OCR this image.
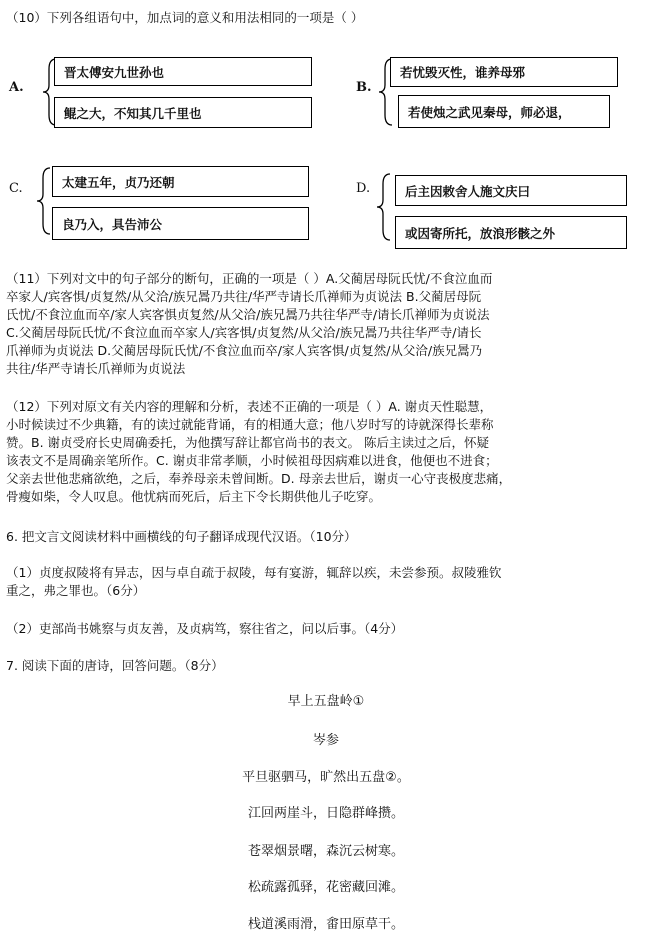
（10）下列各组语句中，加点词的意义和用法相同的一项是（ ）
A.
晋太傅安九世孙也
鲲之大，不知其几千里也
B.
若忧毁灭性，谁养母邪
若使烛之武见秦母，师必退，
C.	太建五年，贞乃还朝
良乃入，具告沛公
D.	后主因敕舍人施文庆曰
或因寄所托，放浪形骸之外
（11）下列对文中的句子部分的断句，正确的一项是（ ）A.父蔺居母阮氏忧/不食泣血而
卒家人/宾客惧/贞复然/从父洽/族兄暠乃共往/华严寺请长爪禅师为贞说法 B.父蔺居母阮
氏忧/不食泣血而卒/家人宾客惧贞复然/从父洽/族兄暠乃共往华严寺/请长爪禅师为贞说法
C.父蔺居母阮氏忧/不食泣血而卒家人/宾客惧/贞复然/从父洽/族兄暠乃共往华严寺/请长
爪禅师为贞说法 D.父蔺居母阮氏忧/不食泣血而卒/家人宾客惧/贞复然/从父洽/族兄暠乃
共往/华严寺请长爪禅师为贞说法
（12）下列对原文有关内容的理解和分析，表述不正确的一项是（ ）A. 谢贞天性聪慧，
小时候读过不少典籍，有的读过就能背诵，有的相通大意；他八岁时写的诗就深得长辈称
赞。B. 谢贞受府长史周确委托，为他撰写辞让都官尚书的表文。 陈后主读过之后，怀疑
该表文不是周确亲笔所作。C. 谢贞非常孝顺，小时候祖母因病难以进食，他便也不进食；
父亲去世他悲痛欲绝，之后，奉养母亲未曾间断。D. 母亲去世后，谢贞一心守丧极度悲痛，
骨瘦如柴，令人叹息。他忧病而死后，后主下令长期供他儿子吃穿。
6. 把文言文阅读材料中画横线的句子翻译成现代汉语。（10分）
（1）贞度叔陵将有异志，因与卓自疏于叔陵，每有宴游，辄辞以疾，未尝参预。叔陵雅钦
重之，弗之罪也。（6分）
（2）吏部尚书姚察与贞友善，及贞病笃，察往省之，问以后事。（4分）
7. 阅读下面的唐诗，回答问题。（8分）
早上五盘岭①
岑参
平旦驱驷马，旷然出五盘②。
江回两崖斗，日隐群峰攒。
苍翠烟景曙，森沉云树寒。
松疏露孤驿，花密藏回滩。
栈道溪雨滑，畬田原草干。
